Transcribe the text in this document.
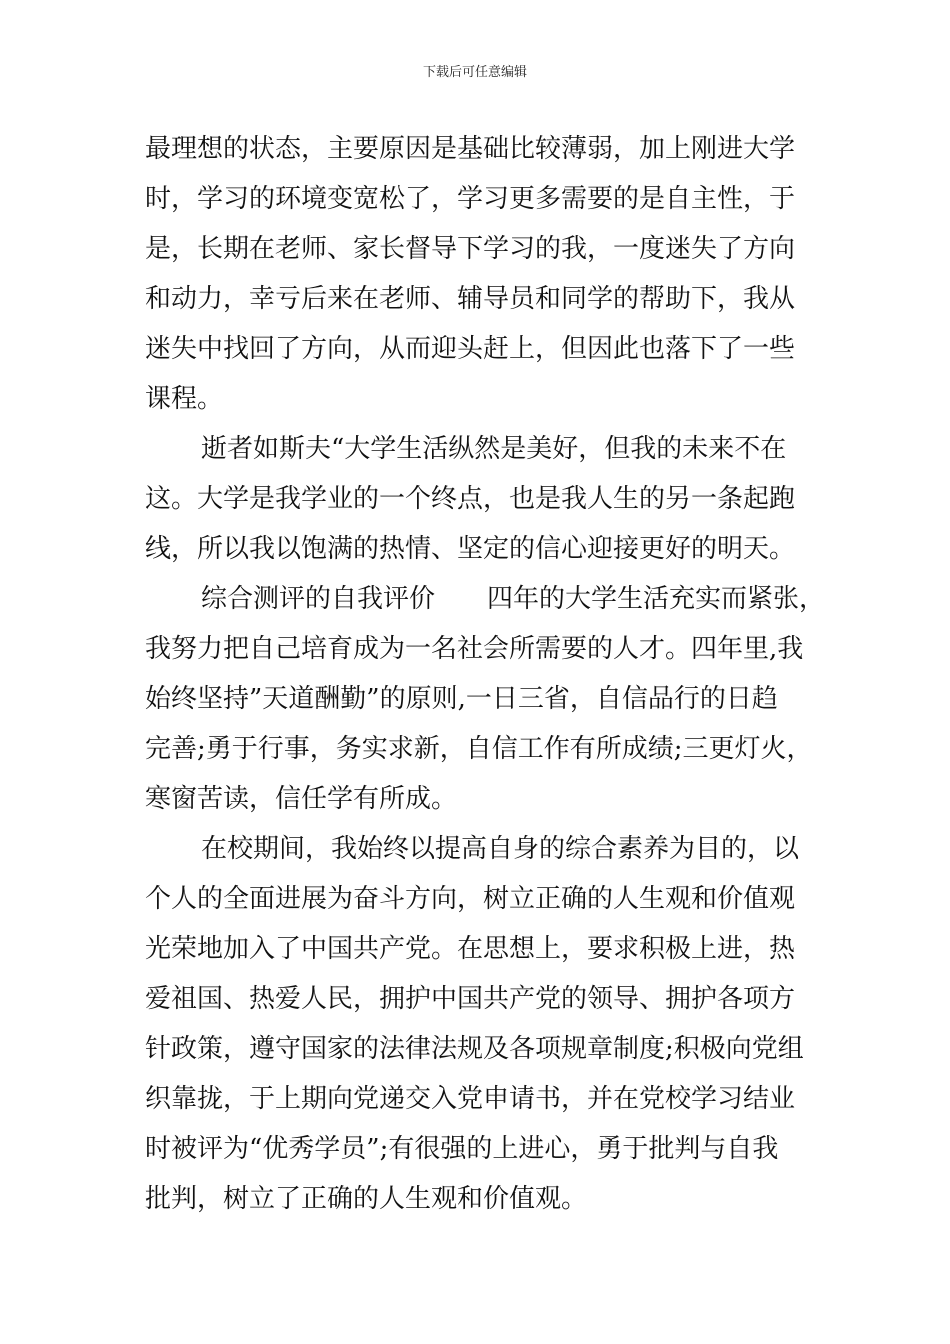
下载后可任意编辑
最理想的状态，主要原因是基础比较薄弱，加上刚进大学
时，学习的环境变宽松了，学习更多需要的是自主性，于
是，长期在老师、家长督导下学习的我，一度迷失了方向
和动力，幸亏后来在老师、辅导员和同学的帮助下，我从
迷失中找回了方向，从而迎头赶上，但因此也落下了一些
课程。
逝者如斯夫“大学生活纵然是美好，但我的未来不在
这。大学是我学业的一个终点，也是我人生的另一条起跑
线，所以我以饱满的热情、坚定的信心迎接更好的明天。
综合测评的自我评价　　四年的大学生活充实而紧张，
我努力把自己培育成为一名社会所需要的人才。四年里,我
始终坚持”天道酬勤”的原则,一日三省，自信品行的日趋
完善;勇于行事，务实求新，自信工作有所成绩;三更灯火，
寒窗苦读，信任学有所成。
在校期间，我始终以提高自身的综合素养为目的，以
个人的全面进展为奋斗方向，树立正确的人生观和价值观
光荣地加入了中国共产党。在思想上，要求积极上进，热
爱祖国、热爱人民，拥护中国共产党的领导、拥护各项方
针政策，遵守国家的法律法规及各项规章制度;积极向党组
织靠拢，于上期向党递交入党申请书，并在党校学习结业
时被评为“优秀学员”;有很强的上进心，勇于批判与自我
批判，树立了正确的人生观和价值观。
